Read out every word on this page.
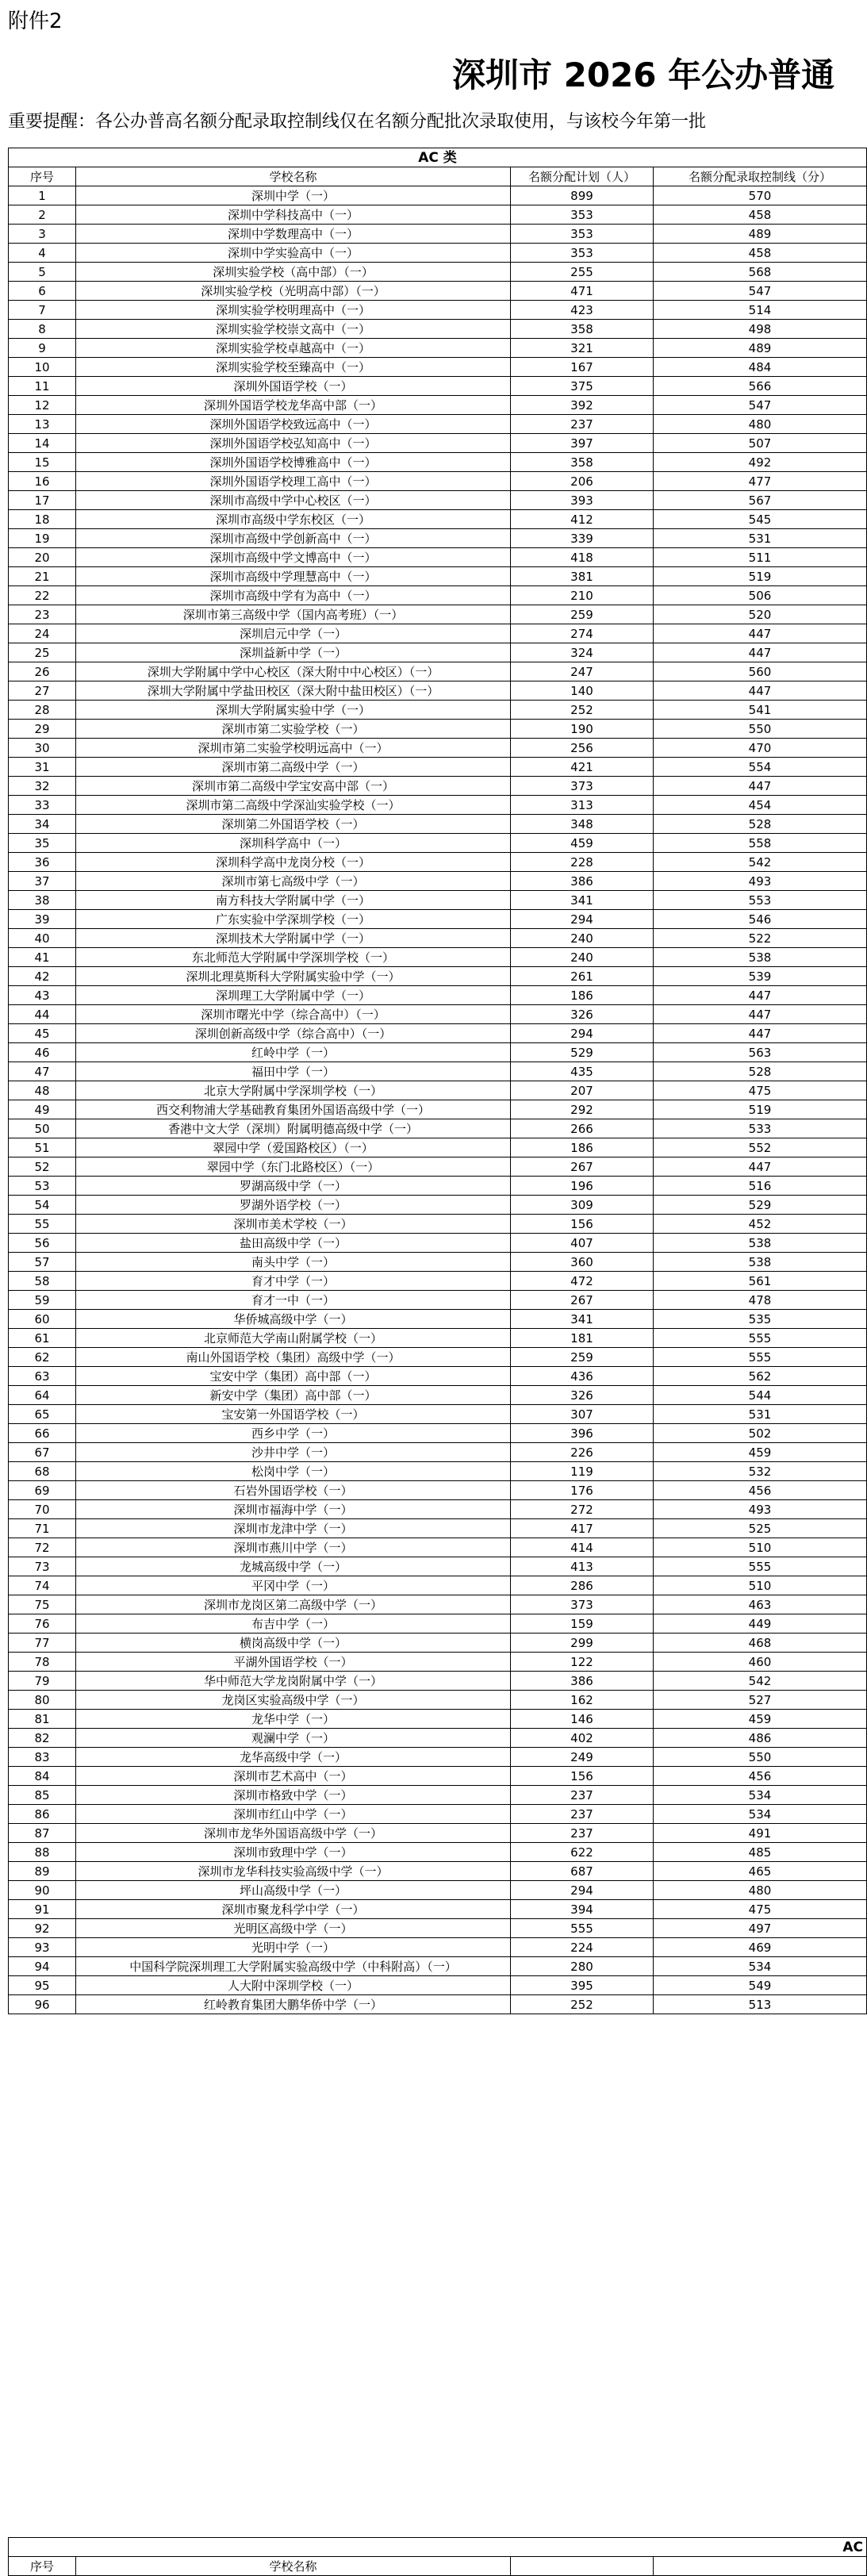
附件2
深圳市 2026 年公办普通
重要提醒：各公办普高名额分配录取控制线仅在名额分配批次录取使用，与该校今年第一批
AC 类			
序号	学校名称	名额分配计划（人）	名额分配录取控制线（分）
1	深圳中学（一）	899	570
2	深圳中学科技高中（一）	353	458
3	深圳中学数理高中（一）	353	489
4	深圳中学实验高中（一）	353	458
5	深圳实验学校（高中部）（一）	255	568
6	深圳实验学校（光明高中部）（一）	471	547
7	深圳实验学校明理高中（一）	423	514
8	深圳实验学校崇文高中（一）	358	498
9	深圳实验学校卓越高中（一）	321	489
10	深圳实验学校至臻高中（一）	167	484
11	深圳外国语学校（一）	375	566
12	深圳外国语学校龙华高中部（一）	392	547
13	深圳外国语学校致远高中（一）	237	480
14	深圳外国语学校弘知高中（一）	397	507
15	深圳外国语学校博雅高中（一）	358	492
16	深圳外国语学校理工高中（一）	206	477
17	深圳市高级中学中心校区（一）	393	567
18	深圳市高级中学东校区（一）	412	545
19	深圳市高级中学创新高中（一）	339	531
20	深圳市高级中学文博高中（一）	418	511
21	深圳市高级中学理慧高中（一）	381	519
22	深圳市高级中学有为高中（一）	210	506
23	深圳市第三高级中学（国内高考班）（一）	259	520
24	深圳启元中学（一）	274	447
25	深圳益新中学（一）	324	447
26	深圳大学附属中学中心校区（深大附中中心校区）（一）	247	560
27	深圳大学附属中学盐田校区（深大附中盐田校区）（一）	140	447
28	深圳大学附属实验中学（一）	252	541
29	深圳市第二实验学校（一）	190	550
30	深圳市第二实验学校明远高中（一）	256	470
31	深圳市第二高级中学（一）	421	554
32	深圳市第二高级中学宝安高中部（一）	373	447
33	深圳市第二高级中学深汕实验学校（一）	313	454
34	深圳第二外国语学校（一）	348	528
35	深圳科学高中（一）	459	558
36	深圳科学高中龙岗分校（一）	228	542
37	深圳市第七高级中学（一）	386	493
38	南方科技大学附属中学（一）	341	553
39	广东实验中学深圳学校（一）	294	546
40	深圳技术大学附属中学（一）	240	522
41	东北师范大学附属中学深圳学校（一）	240	538
42	深圳北理莫斯科大学附属实验中学（一）	261	539
43	深圳理工大学附属中学（一）	186	447
44	深圳市曙光中学（综合高中）（一）	326	447
45	深圳创新高级中学（综合高中）（一）	294	447
46	红岭中学（一）	529	563
47	福田中学（一）	435	528
48	北京大学附属中学深圳学校（一）	207	475
49	西交利物浦大学基础教育集团外国语高级中学（一）	292	519
50	香港中文大学（深圳）附属明德高级中学（一）	266	533
51	翠园中学（爱国路校区）（一）	186	552
52	翠园中学（东门北路校区）（一）	267	447
53	罗湖高级中学（一）	196	516
54	罗湖外语学校（一）	309	529
55	深圳市美术学校（一）	156	452
56	盐田高级中学（一）	407	538
57	南头中学（一）	360	538
58	育才中学（一）	472	561
59	育才一中（一）	267	478
60	华侨城高级中学（一）	341	535
61	北京师范大学南山附属学校（一）	181	555
62	南山外国语学校（集团）高级中学（一）	259	555
63	宝安中学（集团）高中部（一）	436	562
64	新安中学（集团）高中部（一）	326	544
65	宝安第一外国语学校（一）	307	531
66	西乡中学（一）	396	502
67	沙井中学（一）	226	459
68	松岗中学（一）	119	532
69	石岩外国语学校（一）	176	456
70	深圳市福海中学（一）	272	493
71	深圳市龙津中学（一）	417	525
72	深圳市燕川中学（一）	414	510
73	龙城高级中学（一）	413	555
74	平冈中学（一）	286	510
75	深圳市龙岗区第二高级中学（一）	373	463
76	布吉中学（一）	159	449
77	横岗高级中学（一）	299	468
78	平湖外国语学校（一）	122	460
79	华中师范大学龙岗附属中学（一）	386	542
80	龙岗区实验高级中学（一）	162	527
81	龙华中学（一）	146	459
82	观澜中学（一）	402	486
83	龙华高级中学（一）	249	550
84	深圳市艺术高中（一）	156	456
85	深圳市格致中学（一）	237	534
86	深圳市红山中学（一）	237	534
87	深圳市龙华外国语高级中学（一）	237	491
88	深圳市致理中学（一）	622	485
89	深圳市龙华科技实验高级中学（一）	687	465
90	坪山高级中学（一）	294	480
91	深圳市聚龙科学中学（一）	394	475
92	光明区高级中学（一）	555	497
93	光明中学（一）	224	469
94	中国科学院深圳理工大学附属实验高级中学（中科附高）（一）	280	534
95	人大附中深圳学校（一）	395	549
96	红岭教育集团大鹏华侨中学（一）	252	513
AC
序号	学校名称		
